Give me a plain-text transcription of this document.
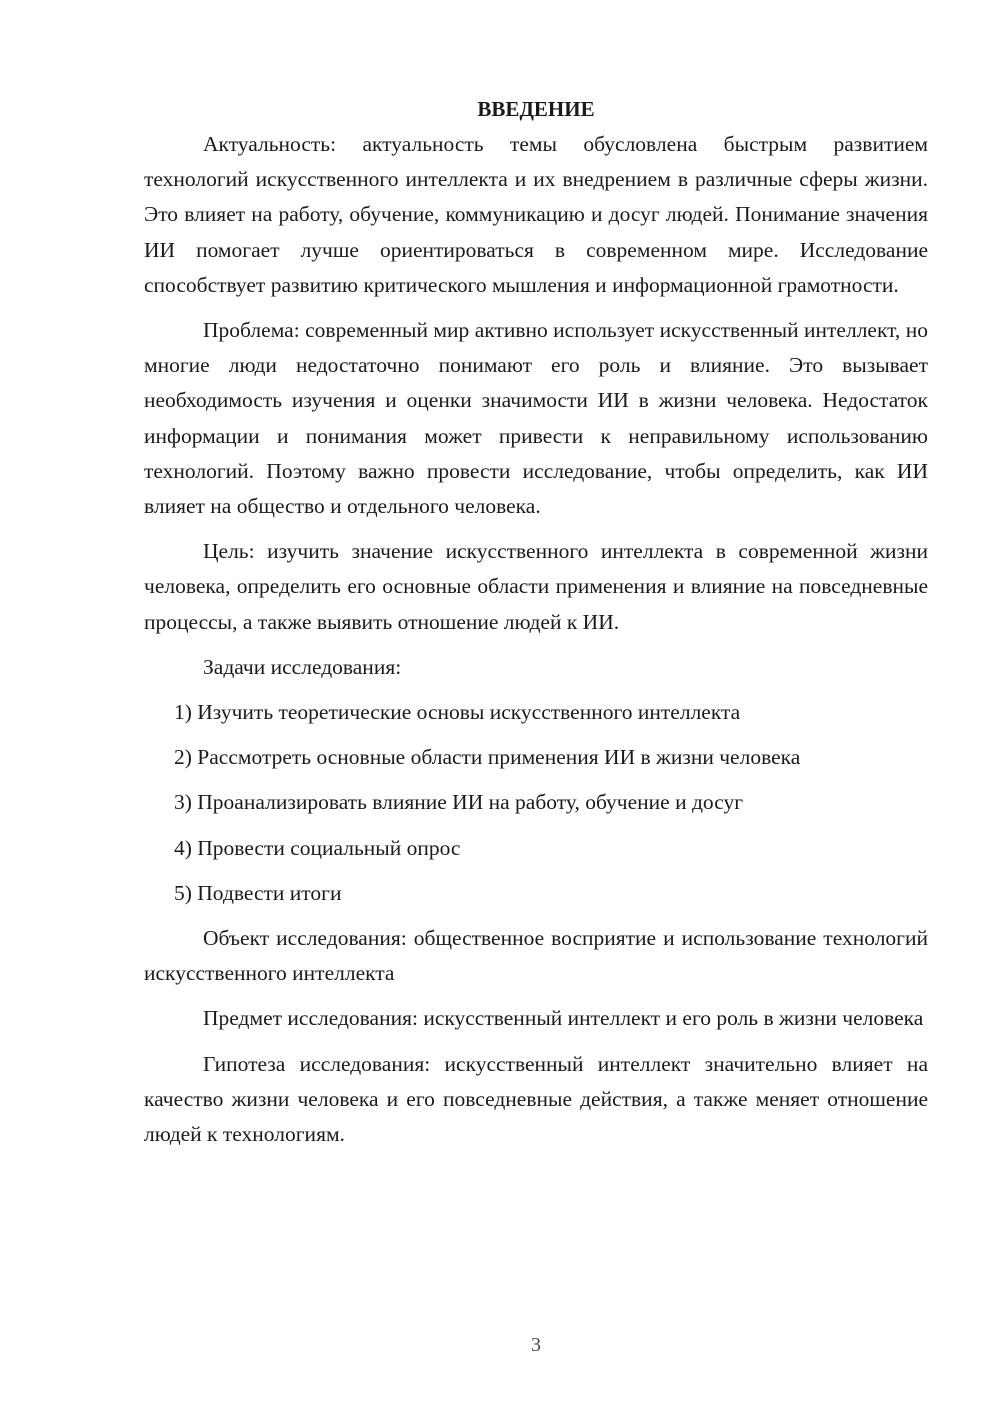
ВВЕДЕНИЕ

Актуальность: актуальность темы обусловлена быстрым развитием технологий искусственного интеллекта и их внедрением в различные сферы жизни. Это влияет на работу, обучение, коммуникацию и досуг людей. Понимание значения ИИ помогает лучше ориентироваться в современном мире. Исследование способствует развитию критического мышления и информационной грамотности.

Проблема: современный мир активно использует искусственный интеллект, но многие люди недостаточно понимают его роль и влияние. Это вызывает необходимость изучения и оценки значимости ИИ в жизни человека. Недостаток информации и понимания может привести к неправильному использованию технологий. Поэтому важно провести исследование, чтобы определить, как ИИ влияет на общество и отдельного человека.

Цель: изучить значение искусственного интеллекта в современной жизни человека, определить его основные области применения и влияние на повседневные процессы, а также выявить отношение людей к ИИ.

Задачи исследования:
1) Изучить теоретические основы искусственного интеллекта
2) Рассмотреть основные области применения ИИ в жизни человека
3) Проанализировать влияние ИИ на работу, обучение и досуг
4) Провести социальный опрос
5) Подвести итоги

Объект исследования: общественное восприятие и использование технологий искусственного интеллекта

Предмет исследования: искусственный интеллект и его роль в жизни человека

Гипотеза исследования: искусственный интеллект значительно влияет на качество жизни человека и его повседневные действия, а также меняет отношение людей к технологиям.

3
